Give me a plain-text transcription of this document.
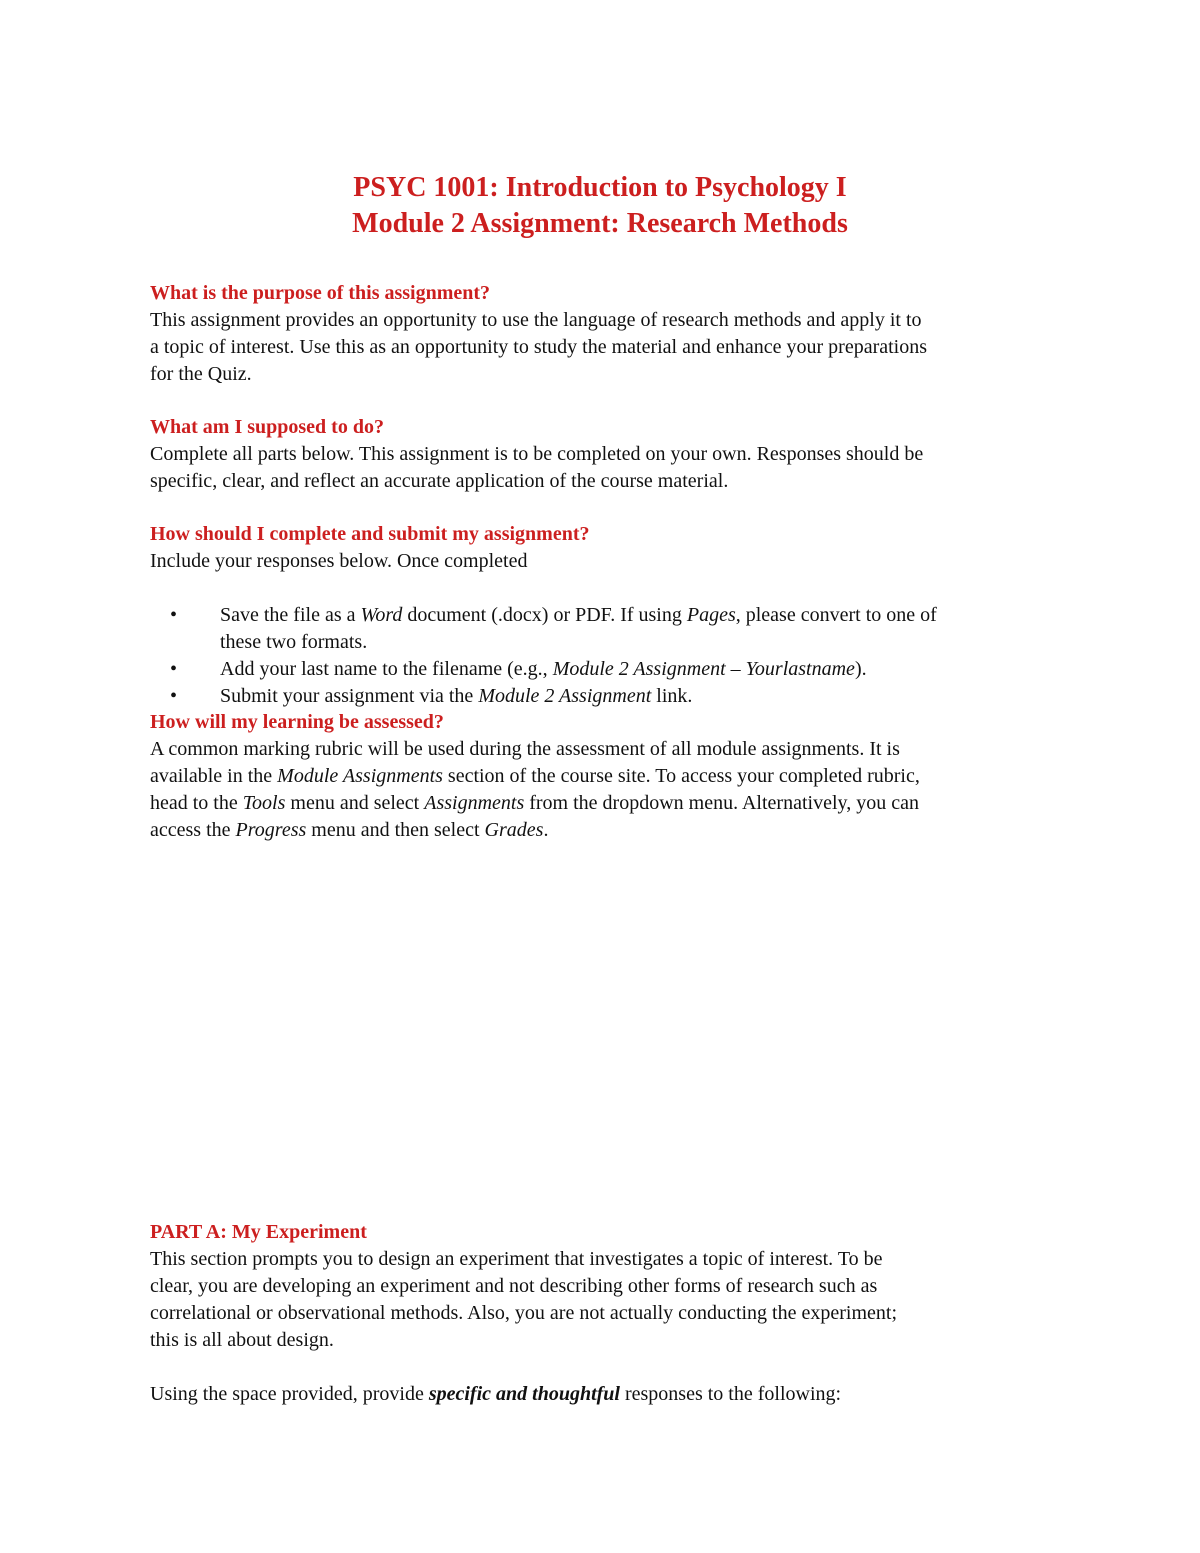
PSYC 1001: Introduction to Psychology I
Module 2 Assignment: Research Methods
What is the purpose of this assignment?

This assignment provides an opportunity to use the language of research methods and apply it to

a topic of interest. Use this as an opportunity to study the material and enhance your preparations

for the Quiz.

What am I supposed to do?

Complete all parts below. This assignment is to be completed on your own. Responses should be

specific, clear, and reflect an accurate application of the course material.

How should I complete and submit my assignment?
Include your responses below. Once completed
• Save the file as a Word document (.docx) or PDF. If using Pages, please convert to one of
these two formats.
• Add your last name to the filename (e.g., Module 2 Assignment – Yourlastname).
• Submit your assignment via the Module 2 Assignment link.
How will my learning be assessed?

A common marking rubric will be used during the assessment of all module assignments. It is

available in the Module Assignments section of the course site. To access your completed rubric,

head to the Tools menu and select Assignments from the dropdown menu. Alternatively, you can

access the Progress menu and then select Grades.

PART A: My Experiment

This section prompts you to design an experiment that investigates a topic of interest. To be

clear, you are developing an experiment and not describing other forms of research such as

correlational or observational methods. Also, you are not actually conducting the experiment;

this is all about design.

Using the space provided, provide specific and thoughtful responses to the following:
